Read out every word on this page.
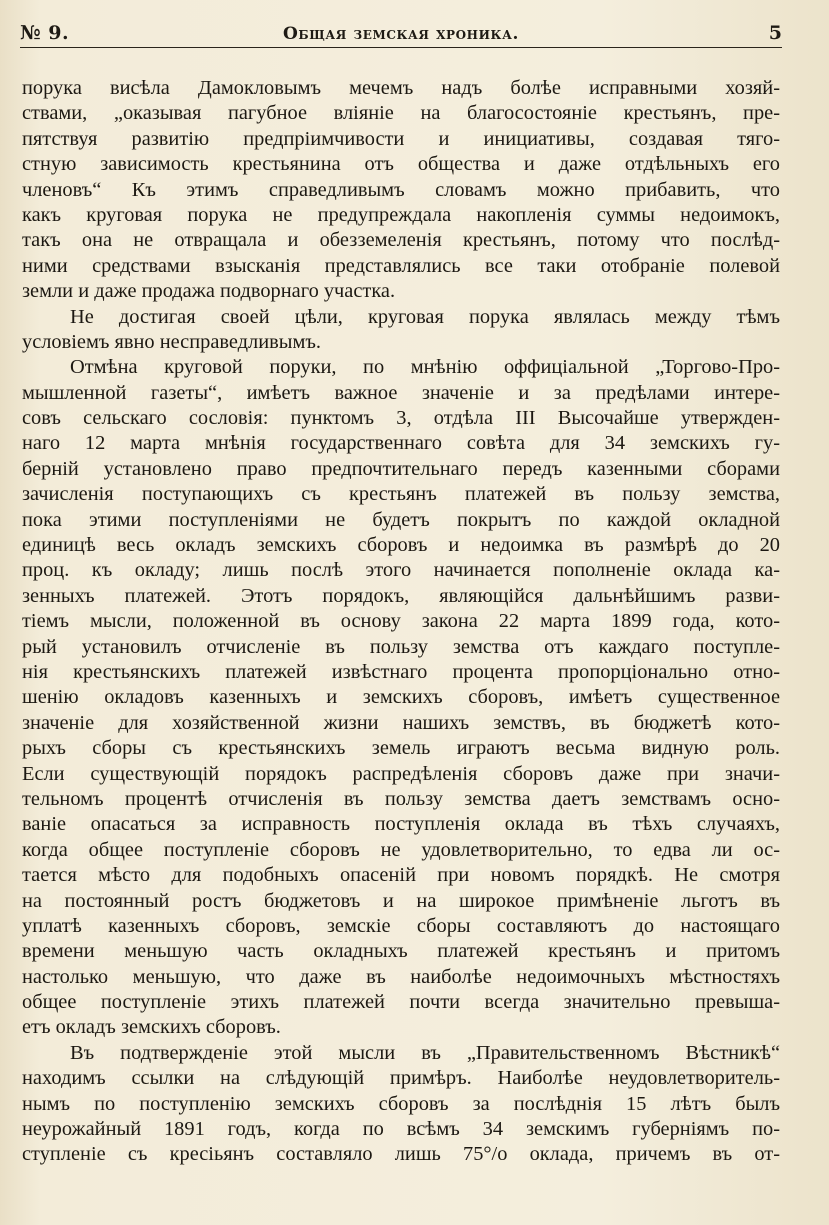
№ 9.	Общая земская хроника.	5
порука висѣла Дамокловымъ мечемъ надъ болѣе исправными хозяй-
ствами, „оказывая пагубное вліяніе на благосостояніе крестьянъ, пре-
пятствуя развитію предпріимчивости и инициативы, создавая тяго-
стную зависимость крестьянина отъ общества и даже отдѣльныхъ его
членовъ“ Къ этимъ справедливымъ словамъ можно прибавить, что
какъ круговая порука не предупреждала накопленія суммы недоимокъ,
такъ она не отвращала и обезземеленія крестьянъ, потому что послѣд-
ними средствами взысканія представлялись все таки отобраніе полевой
земли и даже продажа подворнаго участка.
Не достигая своей цѣли, круговая порука являлась между тѣмъ
условіемъ явно несправедливымъ.
Отмѣна круговой поруки, по мнѣнію оффиціальной „Торгово-Про-
мышленной газеты“, имѣетъ важное значеніе и за предѣлами интере-
совъ сельскаго сословія: пунктомъ 3, отдѣла III Высочайше утвержден-
наго 12 марта мнѣнія государственнаго совѣта для 34 земскихъ гу-
берній установлено право предпочтительнаго передъ казенными сборами
зачисленія поступающихъ съ крестьянъ платежей въ пользу земства,
пока этими поступленіями не будетъ покрытъ по каждой окладной
единицѣ весь окладъ земскихъ сборовъ и недоимка въ размѣрѣ до 20
проц. къ окладу; лишь послѣ этого начинается пополненіе оклада ка-
зенныхъ платежей. Этотъ порядокъ, являющійся дальнѣйшимъ разви-
тіемъ мысли, положенной въ основу закона 22 марта 1899 года, кото-
рый установилъ отчисленіе въ пользу земства отъ каждаго поступле-
нія крестьянскихъ платежей извѣстнаго процента пропорціонально отно-
шенію окладовъ казенныхъ и земскихъ сборовъ, имѣетъ существенное
значеніе для хозяйственной жизни нашихъ земствъ, въ бюджетѣ кото-
рыхъ сборы съ крестьянскихъ земель играютъ весьма видную роль.
Если существующій порядокъ распредѣленія сборовъ даже при значи-
тельномъ процентѣ отчисленія въ пользу земства даетъ земствамъ осно-
ваніе опасаться за исправность поступленія оклада въ тѣхъ случаяхъ,
когда общее поступленіе сборовъ не удовлетворительно, то едва ли ос-
тается мѣсто для подобныхъ опасеній при новомъ порядкѣ. Не смотря
на постоянный ростъ бюджетовъ и на широкое примѣненіе льготъ въ
уплатѣ казенныхъ сборовъ, земскіе сборы составляютъ до настоящаго
времени меньшую часть окладныхъ платежей крестьянъ и притомъ
настолько меньшую, что даже въ наиболѣе недоимочныхъ мѣстностяхъ
общее поступленіе этихъ платежей почти всегда значительно превыша-
етъ окладъ земскихъ сборовъ.
Въ подтвержденіе этой мысли въ „Правительственномъ Вѣстникѣ“
находимъ ссылки на слѣдующій примѣръ. Наиболѣе неудовлетворитель-
нымъ по поступленію земскихъ сборовъ за послѣднія 15 лѣтъ былъ
неурожайный 1891 годъ, когда по всѣмъ 34 земскимъ губерніямъ по-
ступленіе съ кресіьянъ составляло лишь 75°/о оклада, причемъ въ от-
